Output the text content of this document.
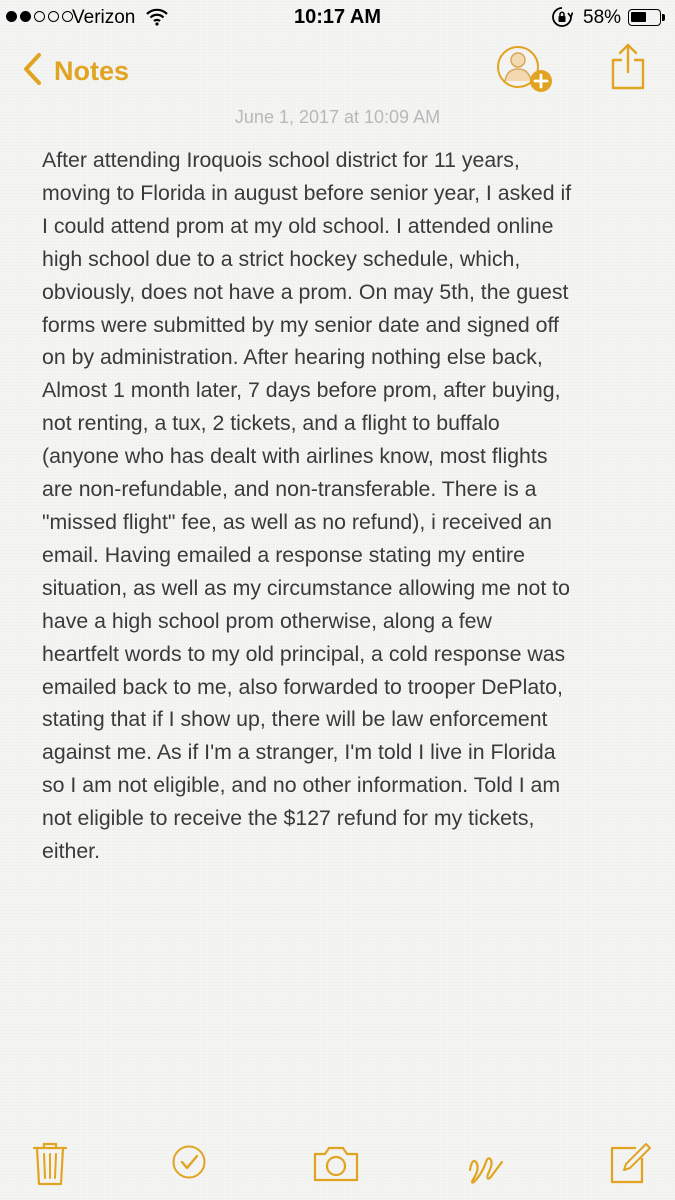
Verizon	10:17 AM	58%
Notes
June 1, 2017 at 10:09 AM
After attending Iroquois school district for 11 years,
moving to Florida in august before senior year, I asked if
I could attend prom at my old school. I attended online
high school due to a strict hockey schedule, which,
obviously, does not have a prom. On may 5th, the guest
forms were submitted by my senior date and signed off
on by administration. After hearing nothing else back,
Almost 1 month later, 7 days before prom, after buying,
not renting, a tux, 2 tickets, and a flight to buffalo
(anyone who has dealt with airlines know, most flights
are non-refundable, and non-transferable. There is a
"missed flight" fee, as well as no refund), i received an
email. Having emailed a response stating my entire
situation, as well as my circumstance allowing me not to
have a high school prom otherwise, along a few
heartfelt words to my old principal, a cold response was
emailed back to me, also forwarded to trooper DePlato,
stating that if I show up, there will be law enforcement
against me. As if I'm a stranger, I'm told I live in Florida
so I am not eligible, and no other information. Told I am
not eligible to receive the $127 refund for my tickets,
either.
